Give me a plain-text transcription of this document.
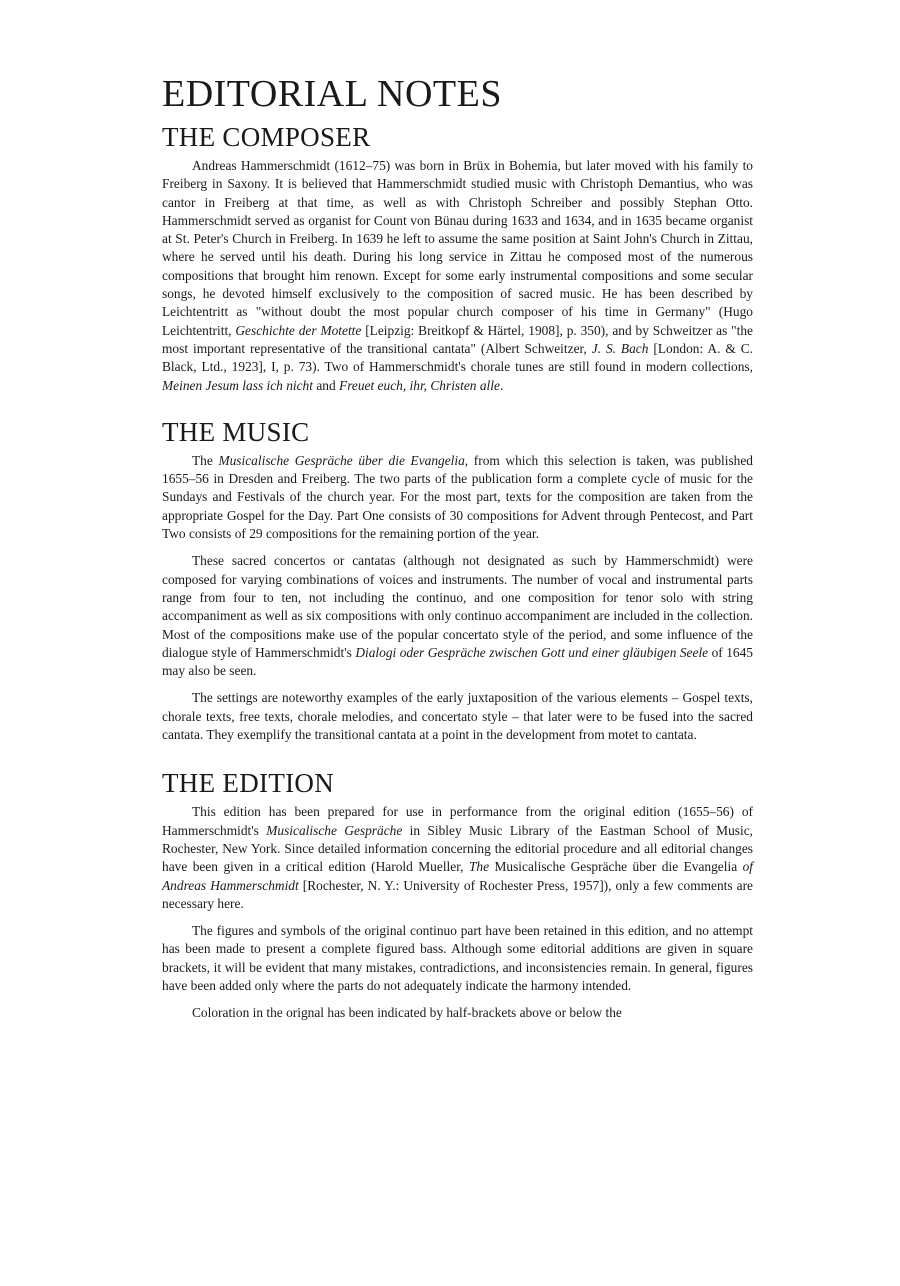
EDITORIAL NOTES
THE COMPOSER

Andreas Hammerschmidt (1612–75) was born in Brüx in Bohemia, but later moved with his family to Freiberg in Saxony. It is believed that Hammerschmidt studied music with Christoph Demantius, who was cantor in Freiberg at that time, as well as with Christoph Schreiber and possibly Stephan Otto. Hammerschmidt served as organist for Count von Bünau during 1633 and 1634, and in 1635 became organist at St. Peter's Church in Freiberg. In 1639 he left to assume the same position at Saint John's Church in Zittau, where he served until his death. During his long service in Zittau he composed most of the numerous compositions that brought him renown. Except for some early instrumental compositions and some secular songs, he devoted himself exclusively to the composition of sacred music. He has been described by Leichtentritt as "without doubt the most popular church composer of his time in Germany" (Hugo Leichtentritt, Geschichte der Motette [Leipzig: Breitkopf & Härtel, 1908], p. 350), and by Schweitzer as "the most important representative of the transitional cantata" (Albert Schweitzer, J. S. Bach [London: A. & C. Black, Ltd., 1923], I, p. 73). Two of Hammerschmidt's chorale tunes are still found in modern collections, Meinen Jesum lass ich nicht and Freuet euch, ihr, Christen alle.

THE MUSIC

The Musicalische Gespräche über die Evangelia, from which this selection is taken, was published 1655–56 in Dresden and Freiberg. The two parts of the publication form a complete cycle of music for the Sundays and Festivals of the church year. For the most part, texts for the composition are taken from the appropriate Gospel for the Day. Part One consists of 30 compositions for Advent through Pentecost, and Part Two consists of 29 compositions for the remaining portion of the year.

These sacred concertos or cantatas (although not designated as such by Hammerschmidt) were composed for varying combinations of voices and instruments. The number of vocal and instrumental parts range from four to ten, not including the continuo, and one composition for tenor solo with string accompaniment as well as six compositions with only continuo accompaniment are included in the collection. Most of the compositions make use of the popular concertato style of the period, and some influence of the dialogue style of Hammerschmidt's Dialogi oder Gespräche zwischen Gott und einer gläubigen Seele of 1645 may also be seen.

The settings are noteworthy examples of the early juxtaposition of the various elements – Gospel texts, chorale texts, free texts, chorale melodies, and concertato style – that later were to be fused into the sacred cantata. They exemplify the transitional cantata at a point in the development from motet to cantata.

THE EDITION

This edition has been prepared for use in performance from the original edition (1655–56) of Hammerschmidt's Musicalische Gespräche in Sibley Music Library of the Eastman School of Music, Rochester, New York. Since detailed information concerning the editorial procedure and all editorial changes have been given in a critical edition (Harold Mueller, The Musicalische Gespräche über die Evangelia of Andreas Hammerschmidt [Rochester, N. Y.: University of Rochester Press, 1957]), only a few comments are necessary here.

The figures and symbols of the original continuo part have been retained in this edition, and no attempt has been made to present a complete figured bass. Although some editorial additions are given in square brackets, it will be evident that many mistakes, contradictions, and inconsistencies remain. In general, figures have been added only where the parts do not adequately indicate the harmony intended.

Coloration in the orignal has been indicated by half-brackets above or below the
